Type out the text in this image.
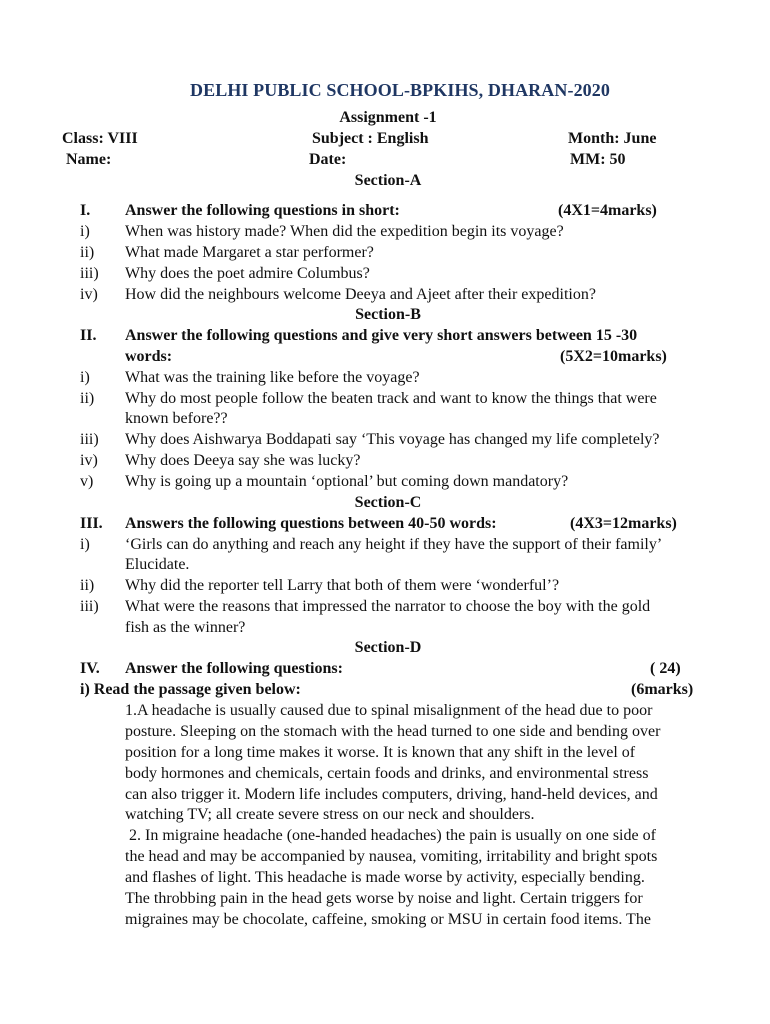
DELHI PUBLIC SCHOOL-BPKIHS, DHARAN-2020
Assignment -1
Class: VIII	Subject : English	Month: June
Name:	Date:	MM: 50
Section-A
I. Answer the following questions in short:	(4X1=4marks)
i) When was history made? When did the expedition begin its voyage?
ii) What made Margaret a star performer?
iii) Why does the poet admire Columbus?
iv) How did the neighbours welcome Deeya and Ajeet after their expedition?
Section-B
II. Answer the following questions and give very short answers between 15 -30
words:	(5X2=10marks)
i) What was the training like before the voyage?
ii) Why do most people follow the beaten track and want to know the things that were
known before??
iii) Why does Aishwarya Boddapati say ‘This voyage has changed my life completely?
iv) Why does Deeya say she was lucky?
v) Why is going up a mountain ‘optional’ but coming down mandatory?
Section-C
III. Answers the following questions between 40-50 words:	(4X3=12marks)
i) ‘Girls can do anything and reach any height if they have the support of their family’
Elucidate.
ii) Why did the reporter tell Larry that both of them were ‘wonderful’?
iii) What were the reasons that impressed the narrator to choose the boy with the gold
fish as the winner?
Section-D
IV. Answer the following questions:	( 24)
i) Read the passage given below:	(6marks)
1.A headache is usually caused due to spinal misalignment of the head due to poor
posture. Sleeping on the stomach with the head turned to one side and bending over
position for a long time makes it worse. It is known that any shift in the level of
body hormones and chemicals, certain foods and drinks, and environmental stress
can also trigger it. Modern life includes computers, driving, hand-held devices, and
watching TV; all create severe stress on our neck and shoulders.
2. In migraine headache (one-handed headaches) the pain is usually on one side of
the head and may be accompanied by nausea, vomiting, irritability and bright spots
and flashes of light. This headache is made worse by activity, especially bending.
The throbbing pain in the head gets worse by noise and light. Certain triggers for
migraines may be chocolate, caffeine, smoking or MSU in certain food items. The
